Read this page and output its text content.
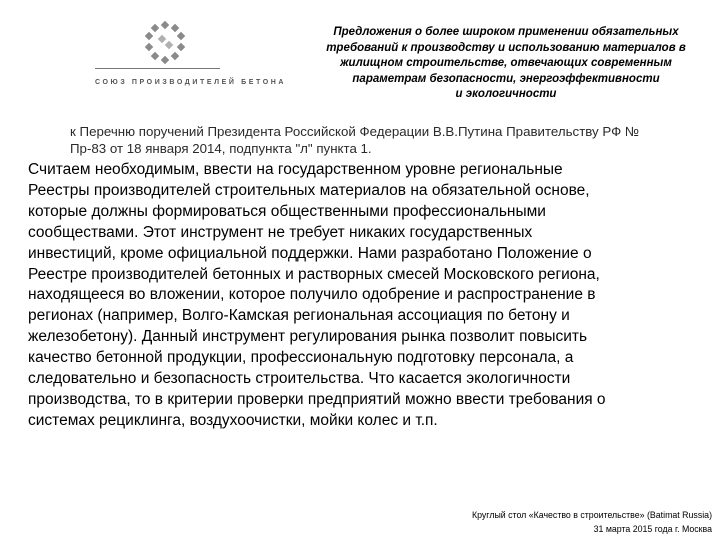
СОЮЗ ПРОИЗВОДИТЕЛЕЙ БЕТОНА
Предложения о более широком применении обязательных
требований к производству и использованию материалов в
жилищном строительстве, отвечающих современным
параметрам безопасности, энергоэффективности
и экологичности
к Перечню поручений Президента Российской Федерации В.В.Путина Правительству РФ №
Пр-83 от 18 января 2014, подпункта "л" пункта 1.
Считаем необходимым, ввести на государственном уровне региональные
Реестры производителей строительных материалов на обязательной основе,
которые должны формироваться общественными профессиональными
сообществами. Этот инструмент не требует никаких государственных
инвестиций, кроме официальной поддержки. Нами разработано Положение о
Реестре производителей бетонных и растворных смесей Московского региона,
находящееся во вложении, которое получило одобрение и распространение в
регионах (например, Волго-Камская региональная ассоциация по бетону и
железобетону). Данный инструмент регулирования рынка позволит повысить
качество бетонной продукции, профессиональную подготовку персонала, а
следовательно и безопасность строительства. Что касается экологичности
производства, то в критерии проверки предприятий можно ввести требования о
системах рециклинга, воздухоочистки, мойки колес и т.п.
Круглый стол «Качество в строительстве» (Batimat Russia)
31 марта 2015 года г. Москва
